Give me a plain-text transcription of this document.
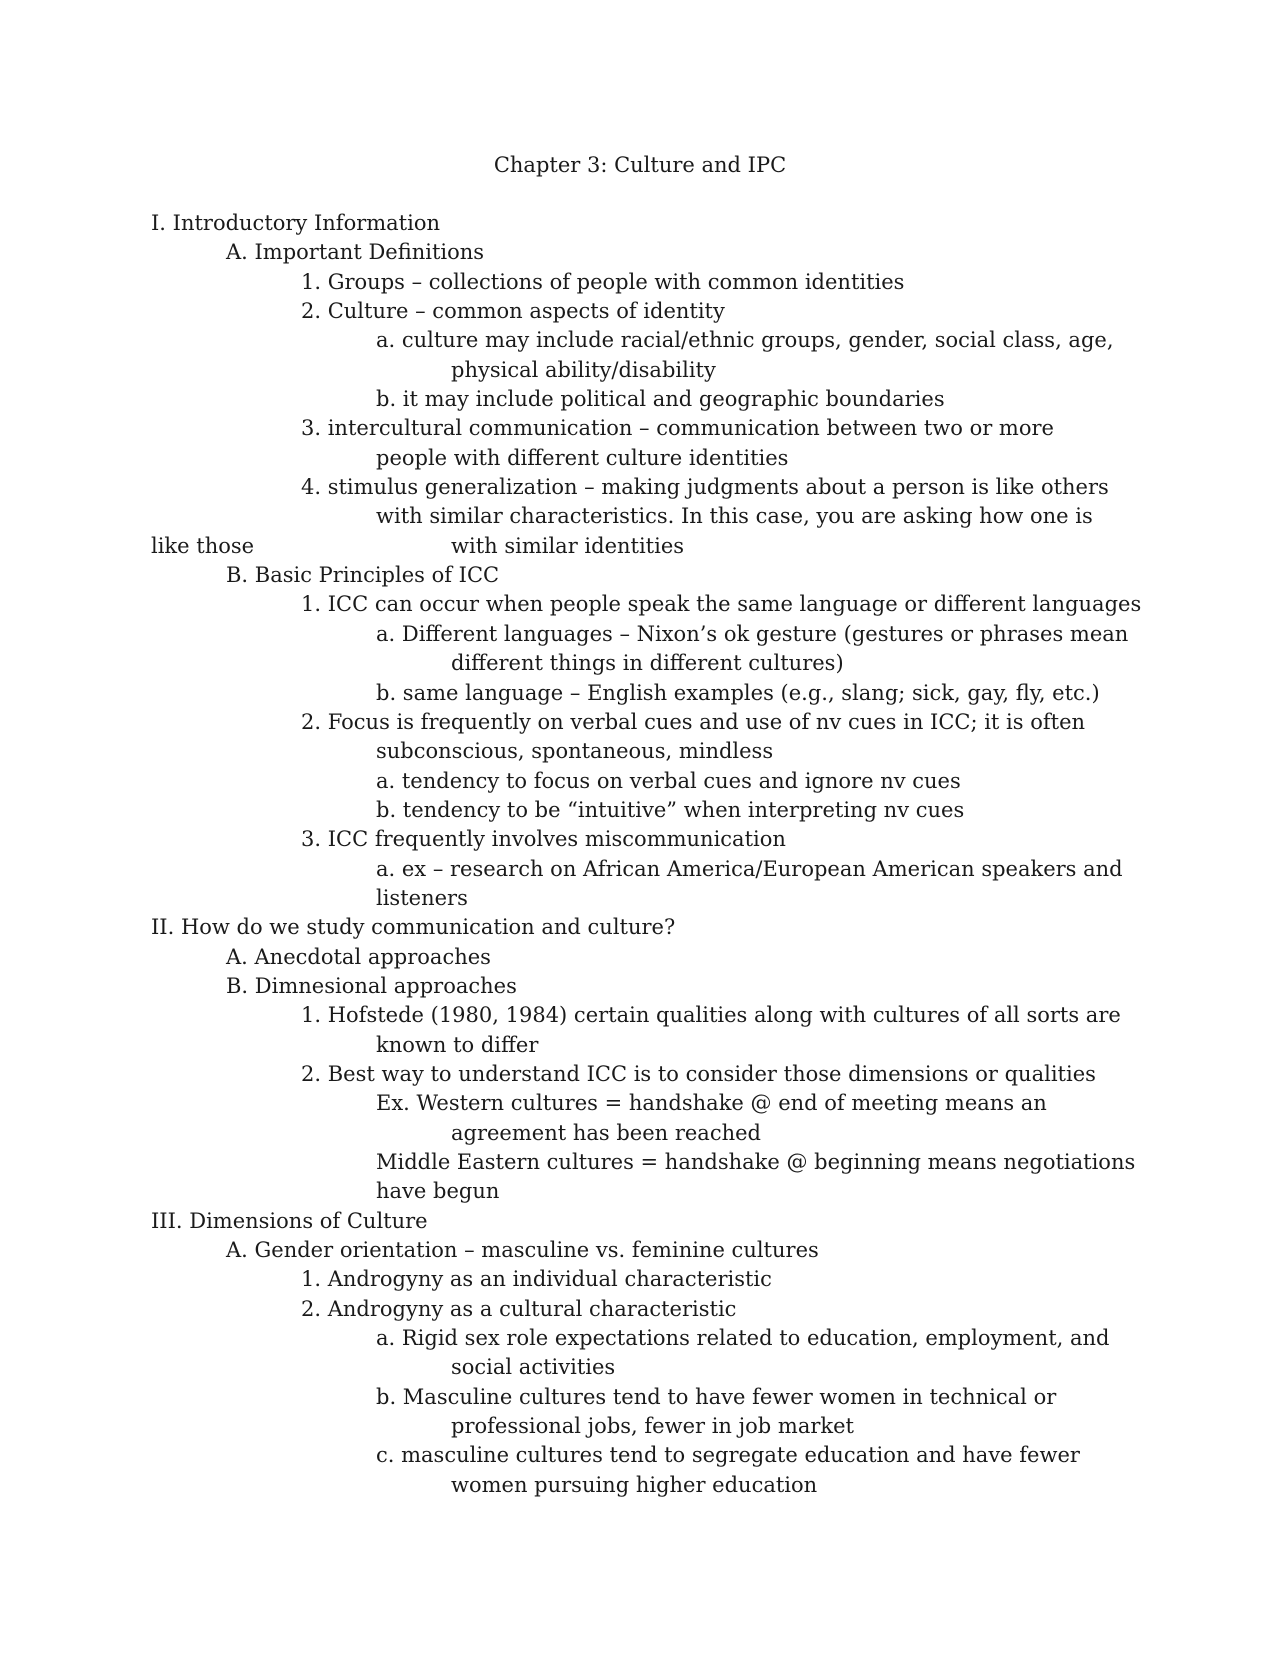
Chapter 3: Culture and IPC
I. Introductory Information
A. Important Definitions
1. Groups – collections of people with common identities
2. Culture – common aspects of identity
a. culture may include racial/ethnic groups, gender, social class, age,
physical ability/disability
b. it may include political and geographic boundaries
3. intercultural communication – communication between two or more
people with different culture identities
4. stimulus generalization – making judgments about a person is like others
with similar characteristics. In this case, you are asking how one is
like those	with similar identities
B. Basic Principles of ICC
1. ICC can occur when people speak the same language or different languages
a. Different languages – Nixon’s ok gesture (gestures or phrases mean
different things in different cultures)
b. same language – English examples (e.g., slang; sick, gay, fly, etc.)
2. Focus is frequently on verbal cues and use of nv cues in ICC; it is often
subconscious, spontaneous, mindless
a. tendency to focus on verbal cues and ignore nv cues
b. tendency to be “intuitive” when interpreting nv cues
3. ICC frequently involves miscommunication
a. ex – research on African America/European American speakers and
listeners
II. How do we study communication and culture?
A. Anecdotal approaches
B. Dimnesional approaches
1. Hofstede (1980, 1984) certain qualities along with cultures of all sorts are
known to differ
2. Best way to understand ICC is to consider those dimensions or qualities
Ex. Western cultures = handshake @ end of meeting means an
agreement has been reached
Middle Eastern cultures = handshake @ beginning means negotiations
have begun
III. Dimensions of Culture
A. Gender orientation – masculine vs. feminine cultures
1. Androgyny as an individual characteristic
2. Androgyny as a cultural characteristic
a. Rigid sex role expectations related to education, employment, and
social activities
b. Masculine cultures tend to have fewer women in technical or
professional jobs, fewer in job market
c. masculine cultures tend to segregate education and have fewer
women pursuing higher education
